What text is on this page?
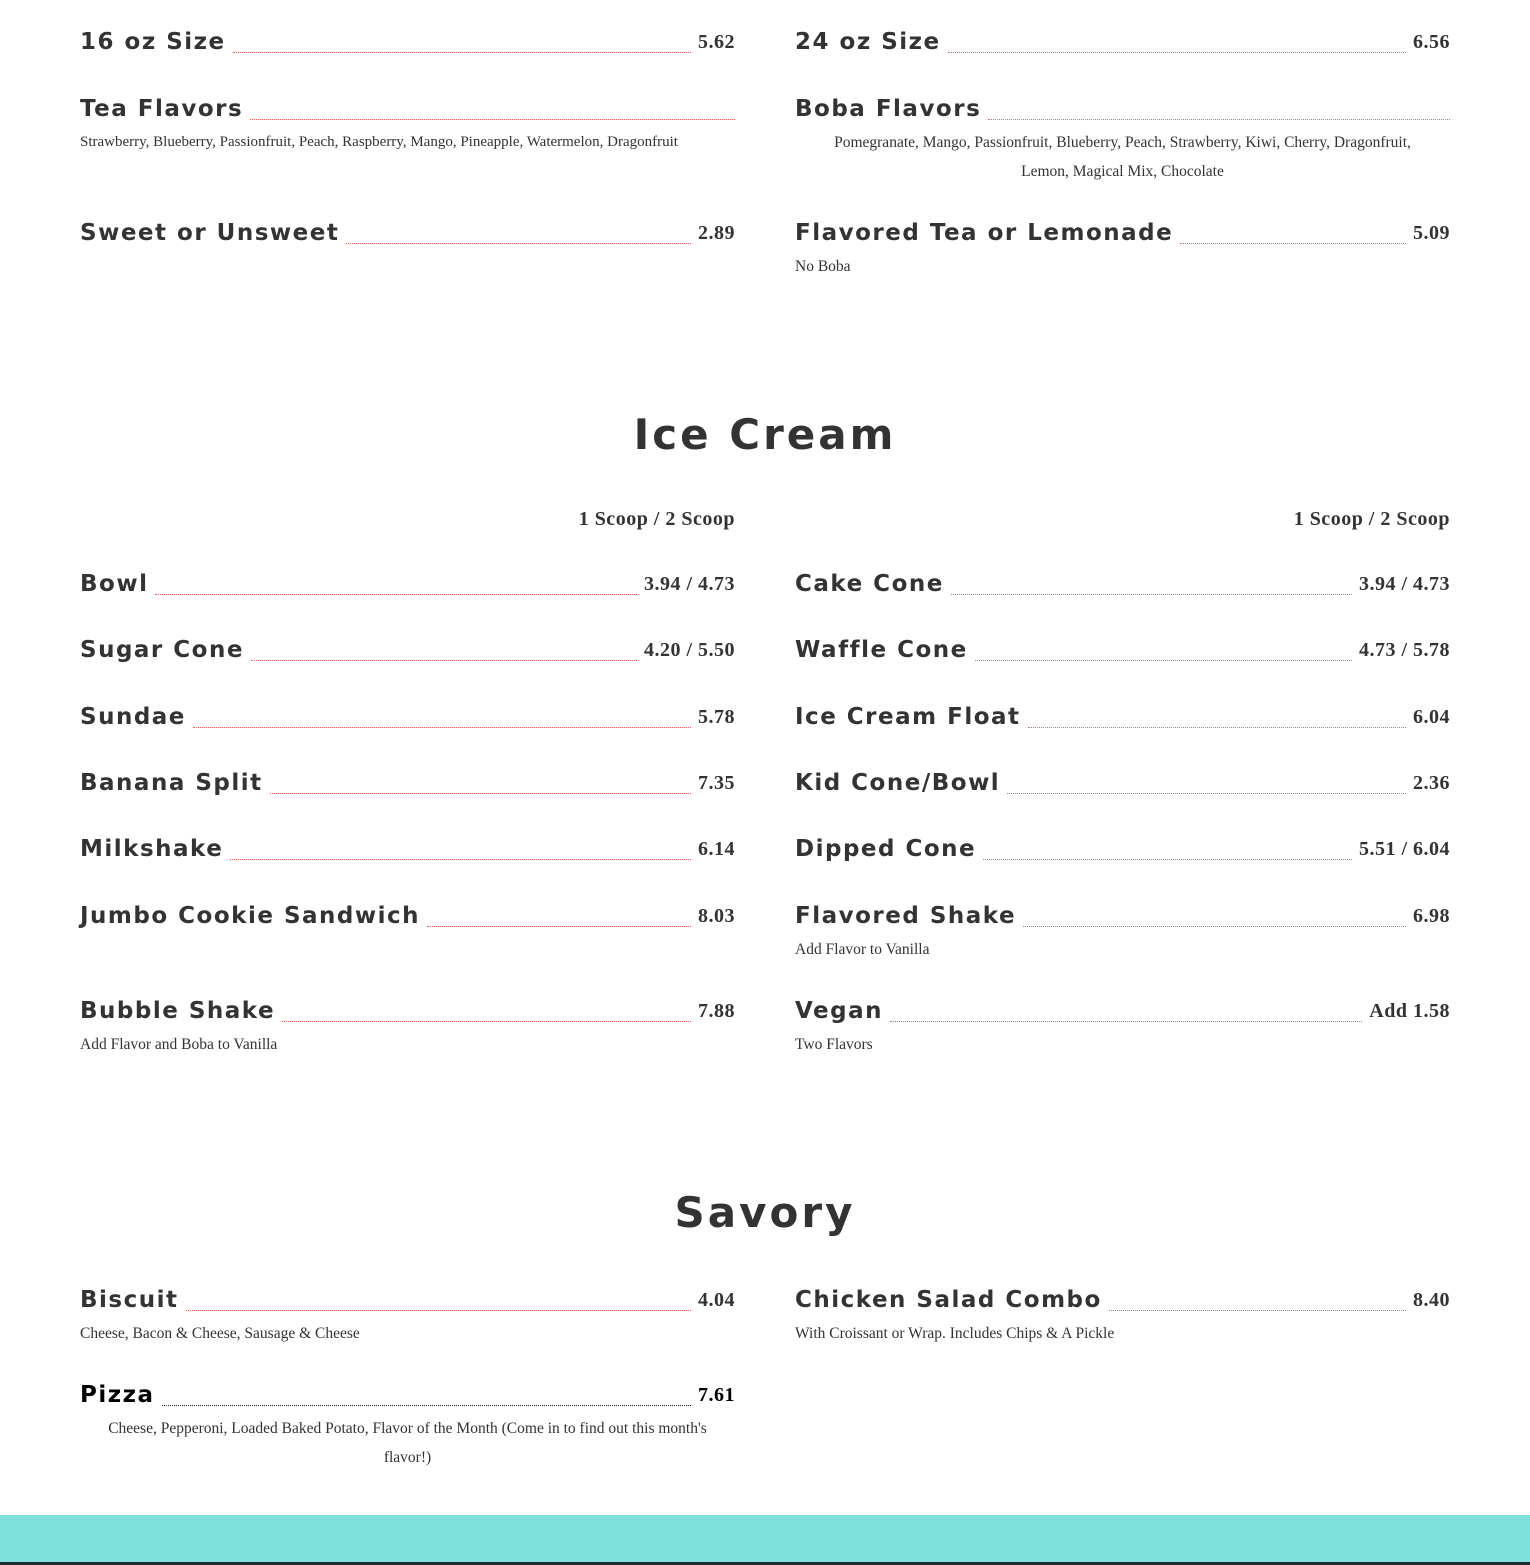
16 oz Size	5.62
Tea Flavors
Strawberry, Blueberry, Passionfruit, Peach, Raspberry, Mango, Pineapple, Watermelon, Dragonfruit
Sweet or Unsweet	2.89
24 oz Size	6.56
Boba Flavors
Pomegranate, Mango, Passionfruit, Blueberry, Peach, Strawberry, Kiwi, Cherry, Dragonfruit, Lemon, Magical Mix, Chocolate
Flavored Tea or Lemonade	5.09
No Boba
Ice Cream
1 Scoop / 2 Scoop
Bowl	3.94 / 4.73
Sugar Cone	4.20 / 5.50
Sundae	5.78
Banana Split	7.35
Milkshake	6.14
Jumbo Cookie Sandwich	8.03
Bubble Shake	7.88
Add Flavor and Boba to Vanilla
1 Scoop / 2 Scoop
Cake Cone	3.94 / 4.73
Waffle Cone	4.73 / 5.78
Ice Cream Float	6.04
Kid Cone/Bowl	2.36
Dipped Cone	5.51 / 6.04
Flavored Shake	6.98
Add Flavor to Vanilla
Vegan	Add 1.58
Two Flavors
Savory
Biscuit	4.04
Cheese, Bacon & Cheese, Sausage & Cheese
Pizza	7.61
Cheese, Pepperoni, Loaded Baked Potato, Flavor of the Month (Come in to find out this month's flavor!)
Chicken Salad Combo	8.40
With Croissant or Wrap. Includes Chips & A Pickle
